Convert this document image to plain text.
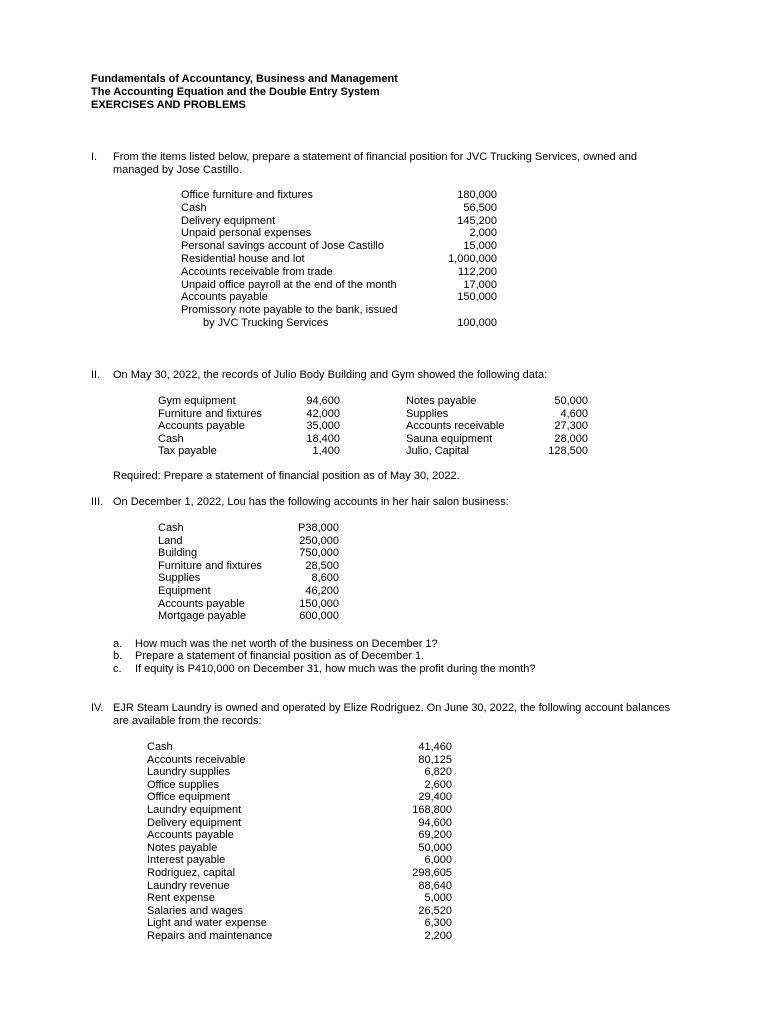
Fundamentals of Accountancy, Business and Management
The Accounting Equation and the Double Entry System
EXERCISES AND PROBLEMS
I. From the items listed below, prepare a statement of financial position for JVC Trucking Services, owned and
managed by Jose Castillo.
Office furniture and fixtures
Cash
Delivery equipment
Unpaid personal expenses
Personal savings account of Jose Castillo
Residential house and lot
Accounts receivable from trade
Unpaid office payroll at the end of the month
Accounts payable
Promissory note payable to the bank, issued
by JVC Trucking Services
180,000
56,500
145,200
2,000
15,000
1,000,000
112,200
17,000
150,000
100,000
II. On May 30, 2022, the records of Julio Body Building and Gym showed the following data:
Gym equipment
Furniture and fixtures
Accounts payable
Cash
Tax payable
94,600
42,000
35,000
18,400
1,400
Notes payable
Supplies
Accounts receivable
Sauna equipment
Julio, Capital
50,000
4,600
27,300
28,000
128,500
Required: Prepare a statement of financial position as of May 30, 2022.
III. On December 1, 2022, Lou has the following accounts in her hair salon business:
Cash
Land
Building
Furniture and fixtures
Supplies
Equipment
Accounts payable
Mortgage payable
P38,000
250,000
750,000
28,500
8,600
46,200
150,000
600,000
a. How much was the net worth of the business on December 1?
b. Prepare a statement of financial position as of December 1.
c. If equity is P410,000 on December 31, how much was the profit during the month?
IV. EJR Steam Laundry is owned and operated by Elize Rodriguez. On June 30, 2022, the following account balances
are available from the records:
Cash
Accounts receivable
Laundry supplies
Office supplies
Office equipment
Laundry equipment
Delivery equipment
Accounts payable
Notes payable
Interest payable
Rodriguez, capital
Laundry revenue
Rent expense
Salaries and wages
Light and water expense
Repairs and maintenance
41,460
80,125
6,820
2,600
29,400
168,800
94,600
69,200
50,000
6,000
298,605
88,640
5,000
26,520
6,300
2,200
